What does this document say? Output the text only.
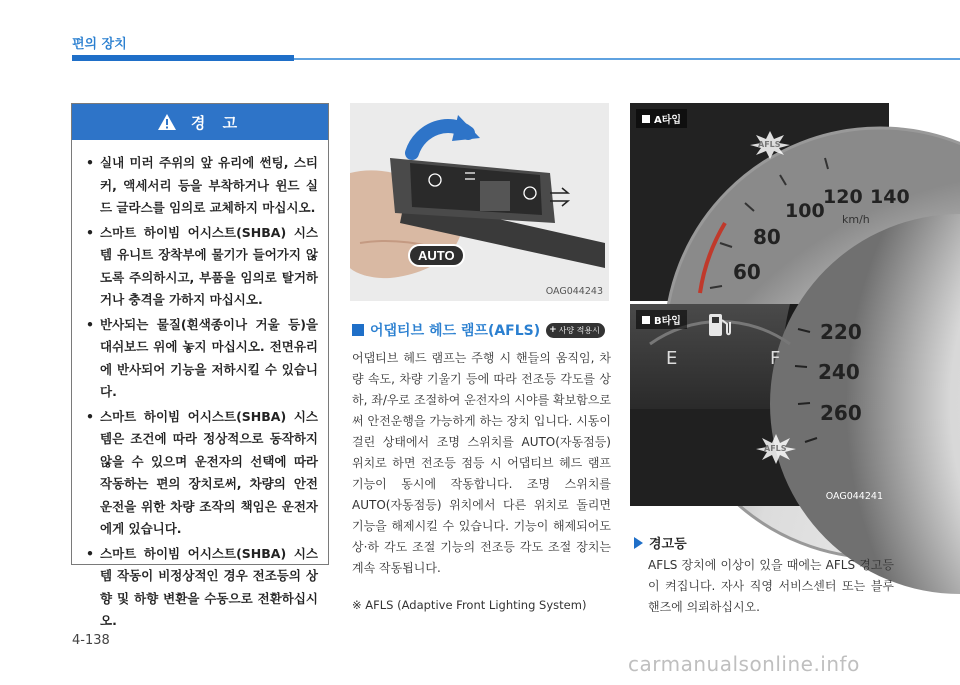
편의 장치
경 고
• 실내 미러 주위의 앞 유리에 썬팅, 스티커, 액세서리 등을 부착하거나 윈드 실드 글라스를 임의로 교체하지 마십시오.
• 스마트 하이빔 어시스트(SHBA) 시스템 유니트 장착부에 물기가 들어가지 않도록 주의하시고, 부품을 임의로 탈거하거나 충격을 가하지 마십시오.
• 반사되는 물질(흰색종이나 거울 등)을 대쉬보드 위에 놓지 마십시오. 전면유리에 반사되어 기능을 저하시킬 수 있습니다.
• 스마트 하이빔 어시스트(SHBA) 시스템은 조건에 따라 정상적으로 동작하지 않을 수 있으며 운전자의 선택에 따라 작동하는 편의 장치로써, 차량의 안전 운전을 위한 차량 조작의 책임은 운전자에게 있습니다.
• 스마트 하이빔 어시스트(SHBA) 시스템 작동이 비정상적인 경우 전조등의 상향 및 하향 변환을 수동으로 전환하십시오.
AUTO
OAG044243
어댑티브 헤드 램프(AFLS) + 사양 적용시
어댑티브 헤드 램프는 주행 시 핸들의 움직임, 차량 속도, 차량 기울기 등에 따라 전조등 각도를 상하, 좌/우로 조절하여 운전자의 시야를 확보함으로써 안전운행을 가능하게 하는 장치 입니다. 시동이 걸린 상태에서 조명 스위치를 AUTO(자동점등) 위치로 하면 전조등 점등 시 어댑티브 헤드 램프 기능이 동시에 작동합니다. 조명 스위치를 AUTO(자동점등) 위치에서 다른 위치로 돌리면 기능을 해제시킬 수 있습니다. 기능이 해제되어도 상·하 각도 조절 기능의 전조등 각도 조절 장치는 계속 작동됩니다.
※ AFLS (Adaptive Front Lighting System)
60
80
100
120 140
km/h
AFLS
A타입
E	F
220
240
260
AFLS
B타입
OAG044241
경고등
AFLS 장치에 이상이 있을 때에는 AFLS 경고등이 켜집니다. 자사 직영 서비스센터 또는 블루핸즈에 의뢰하십시오.
4-138
carmanualsonline.info
